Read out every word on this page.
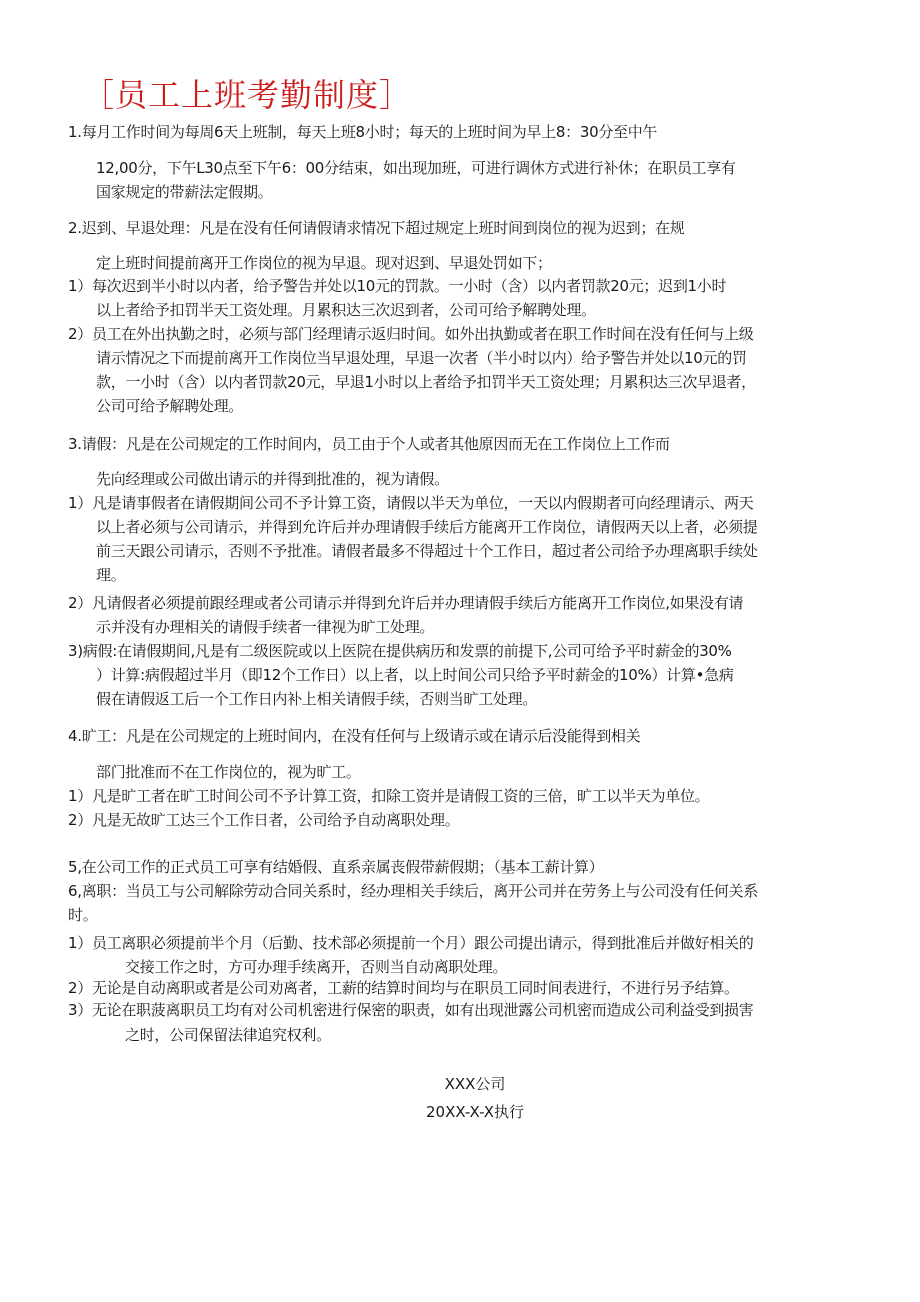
［员工上班考勤制度］

1.每月工作时间为每周6天上班制，每天上班8小时；每天的上班时间为早上8：30分至中午

12,00分，下午L30点至下午6：00分结束，如出现加班，可进行调休方式进行补休；在职员工享有

国家规定的带薪法定假期。

2.迟到、早退处理：凡是在没有任何请假请求情况下超过规定上班时间到岗位的视为迟到；在规

定上班时间提前离开工作岗位的视为早退。现对迟到、早退处罚如下；

1）每次迟到半小时以内者，给予警告并处以10元的罚款。一小时（含）以内者罚款20元；迟到1小时

以上者给予扣罚半天工资处理。月累积达三次迟到者，公司可给予解聘处理。

2）员工在外出执勤之时，必须与部门经理请示返归时间。如外出执勤或者在职工作时间在没有任何与上级

请示情况之下而提前离开工作岗位当早退处理，早退一次者（半小时以内）给予警告并处以10元的罚

款，一小时（含）以内者罚款20元，早退1小时以上者给予扣罚半天工资处理；月累积达三次早退者，

公司可给予解聘处理。

3.请假：凡是在公司规定的工作时间内，员工由于个人或者其他原因而无在工作岗位上工作而

先向经理或公司做出请示的并得到批准的，视为请假。

1）凡是请事假者在请假期间公司不予计算工资，请假以半天为单位，一天以内假期者可向经理请示、两天

以上者必须与公司请示，并得到允许后并办理请假手续后方能离开工作岗位，请假两天以上者，必须提

前三天跟公司请示，否则不予批准。请假者最多不得超过十个工作日，超过者公司给予办理离职手续处

理。

2）凡请假者必须提前跟经理或者公司请示并得到允许后并办理请假手续后方能离开工作岗位,如果没有请

示并没有办理相关的请假手续者一律视为旷工处理。

3)病假:在请假期间,凡是有二级医院或以上医院在提供病历和发票的前提下,公司可给予平时薪金的30%

）计算:病假超过半月（即12个工作日）以上者，以上时间公司只给予平时薪金的10%）计算•急病

假在请假返工后一个工作日内补上相关请假手续，否则当旷工处理。

4.旷工：凡是在公司规定的上班时间内，在没有任何与上级请示或在请示后没能得到相关

部门批准而不在工作岗位的，视为旷工。

1）凡是旷工者在旷工时间公司不予计算工资，扣除工资并是请假工资的三倍，旷工以半天为单位。

2）凡是无故旷工达三个工作日者，公司给予自动离职处理。

5,在公司工作的正式员工可享有结婚假、直系亲属丧假带薪假期；（基本工薪计算）

6,离职：当员工与公司解除劳动合同关系时，经办理相关手续后，离开公司并在劳务上与公司没有任何关系

时。

1）员工离职必须提前半个月（后勤、技术部必须提前一个月）跟公司提出请示，得到批准后并做好相关的

交接工作之时，方可办理手续离开，否则当自动离职处理。

2）无论是自动离职或者是公司劝离者，工薪的结算时间均与在职员工同时间表进行，不进行另予结算。

3）无论在职菠离职员工均有对公司机密进行保密的职责，如有出现泄露公司机密而造成公司利益受到损害

之时，公司保留法律追究权利。

XXX公司

20XX-X-X执行
